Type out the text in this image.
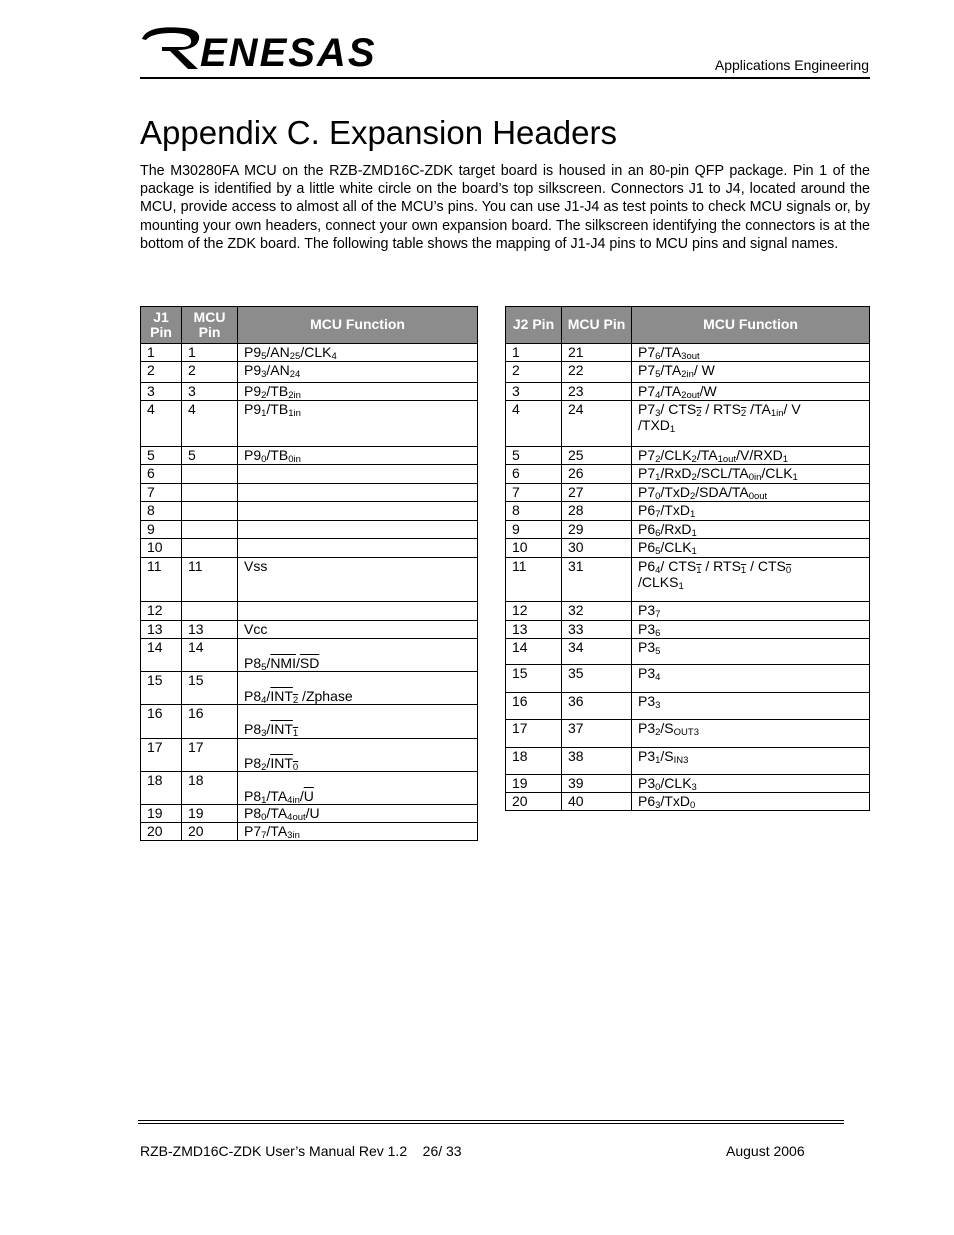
ENESAS	Applications Engineering
Appendix C. Expansion Headers

The M30280FA MCU on the RZB-ZMD16C-ZDK target board is housed in an 80-pin QFP package. Pin 1 of the package is identified by a little white circle on the board’s top silkscreen. Connectors J1 to J4, located around the MCU, provide access to almost all of the MCU’s pins. You can use J1-J4 as test points to check MCU signals or, by mounting your own headers, connect your own expansion board. The silkscreen identifying the connectors is at the bottom of the ZDK board. The following table shows the mapping of J1-J4 pins to MCU pins and signal names.

J1 Pin	MCU Pin	MCU Function
1	1	$P9_5/AN_{25}/CLK_4$
2	2	$P9_3/AN_{24}$
3	3	$P9_2/TB_{2in}$
4	4	$P9_1/TB_{1in}$
5	5	$P9_0/TB_{0in}$
6		
7		
8		
9		
10		
11	11	Vss
12		
13	13	Vcc
14	14	$P8_5/\overline{NMI}/\overline{SD}$
15	15	$P8_4/INT_2$ /Zphase
16	16	$P8_3/INT_1$
17	17	$P8_2/INT_0$
18	18	$P8_1/TA_{4in}/\overline{U}$
19	19	$P8_0/TA_{4out}/U$
20	20	$P7_7/TA_{3in}$
J2 Pin	MCU Pin	MCU Function
1	21	$P7_6/TA_{3out}$
2	22	$P7_5/TA_{2in}/$ $\overline{W}$
3	23	$P7_4/TA_{2out}/W$
4	24	$P7_3/$ $CTS_2 / RTS_2$ $/TA_{1in}/$ $\overline{V}$
$/TXD_1$
5	25	$P7_2/CLK_2/TA_{1out}/V/RXD_1$
6	26	$P7_1/RxD_2/SCL/TA_{0in}/CLK_1$
7	27	$P7_0/TxD_2/SDA/TA_{0out}$
8	28	$P6_7/TxD_1$
9	29	$P6_6/RxD_1$
10	30	$P6_5/CLK_1$
11	31	$P6_4/$ $CTS_1 / RTS_1 / CTS_0$
$/CLKS_1$
12	32	$P3_7$
13	33	$P3_6$
14	34	$P3_5$
15	35	$P3_4$
16	36	$P3_3$
17	37	$P3_2/S_{OUT3}$
18	38	$P3_1/S_{IN3}$
19	39	$P3_0/CLK_3$
20	40	$P6_3/TxD_0$
RZB-ZMD16C-ZDK User’s Manual Rev 1.2    26/ 33	August 2006
